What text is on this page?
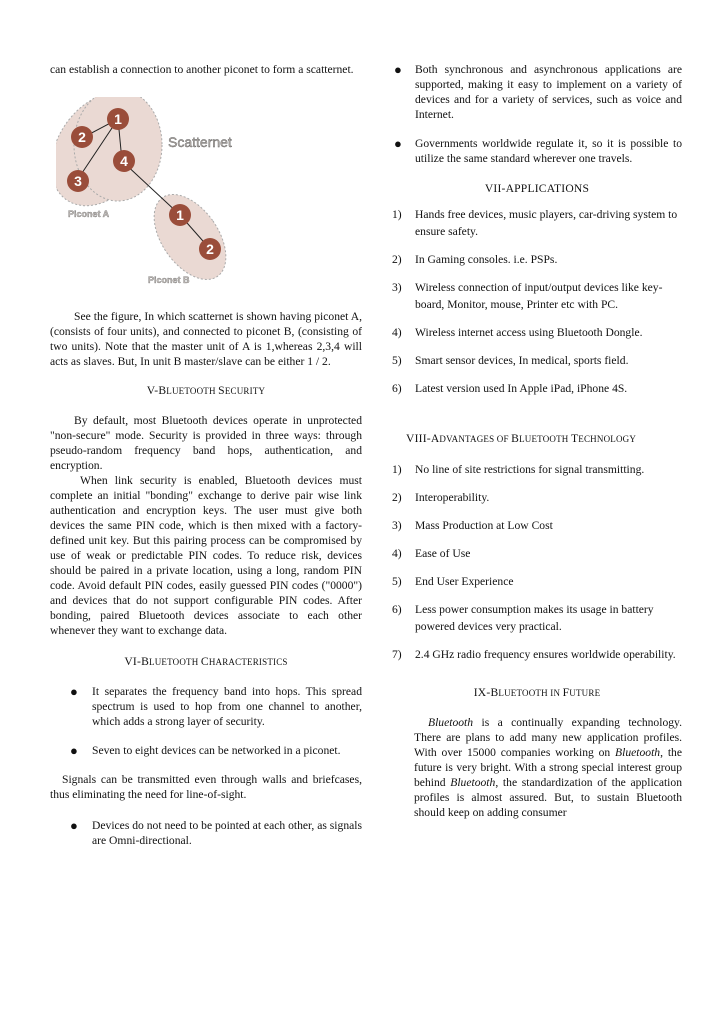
can establish a connection to another piconet to form a scatternet.

1
2
3
4
1
2
Scatternet
Piconet A
Piconet B

See the figure, In which scatternet is shown having piconet A, (consists of four units), and connected to piconet B, (consisting of two units). Note that the master unit of A is 1,whereas 2,3,4 will acts as slaves. But, In unit B master/slave can be either 1 / 2.

V-BLUETOOTH SECURITY

By default, most Bluetooth devices operate in unprotected "non-secure" mode. Security is provided in three ways: through pseudo-random frequency band hops, authentication, and encryption.

When link security is enabled, Bluetooth devices must complete an initial "bonding" exchange to derive pair wise link authentication and encryption keys. The user must give both devices the same PIN code, which is then mixed with a factory-defined unit key. But this pairing process can be compromised by use of weak or predictable PIN codes. To reduce risk, devices should be paired in a private location, using a long, random PIN code. Avoid default PIN codes, easily guessed PIN codes ("0000") and devices that do not support configurable PIN codes. After bonding, paired Bluetooth devices associate to each other whenever they want to exchange data.

VI-BLUETOOTH CHARACTERISTICS

● It separates the frequency band into hops. This spread spectrum is used to hop from one channel to another, which adds a strong layer of security.
● Seven to eight devices can be networked in a piconet.

Signals can be transmitted even through walls and briefcases, thus eliminating the need for line-of-sight.

● Devices do not need to be pointed at each other, as signals are Omni-directional.
● Both synchronous and asynchronous applications are supported, making it easy to implement on a variety of devices and for a variety of services, such as voice and Internet.
● Governments worldwide regulate it, so it is possible to utilize the same standard wherever one travels.

VII-APPLICATIONS

1) Hands free devices, music players, car-driving system to ensure safety.
2) In Gaming consoles. i.e. PSPs.
3) Wireless connection of input/output devices like key-board, Monitor, mouse, Printer etc with PC.
4) Wireless internet access using Bluetooth Dongle.
5) Smart sensor devices, In medical, sports field.
6) Latest version used In Apple iPad, iPhone 4S.

VIII-ADVANTAGES OF BLUETOOTH TECHNOLOGY

1) No line of site restrictions for signal transmitting.
2) Interoperability.
3) Mass Production at Low Cost
4) Ease of Use
5) End User Experience
6) Less power consumption makes its usage in battery powered devices very practical.
7) 2.4 GHz radio frequency ensures worldwide operability.

IX-BLUETOOTH IN FUTURE

Bluetooth is a continually expanding technology. There are plans to add many new application profiles. With over 15000 companies working on Bluetooth, the future is very bright. With a strong special interest group behind Bluetooth, the standardization of the application profiles is almost assured. But, to sustain Bluetooth should keep on adding consumer
